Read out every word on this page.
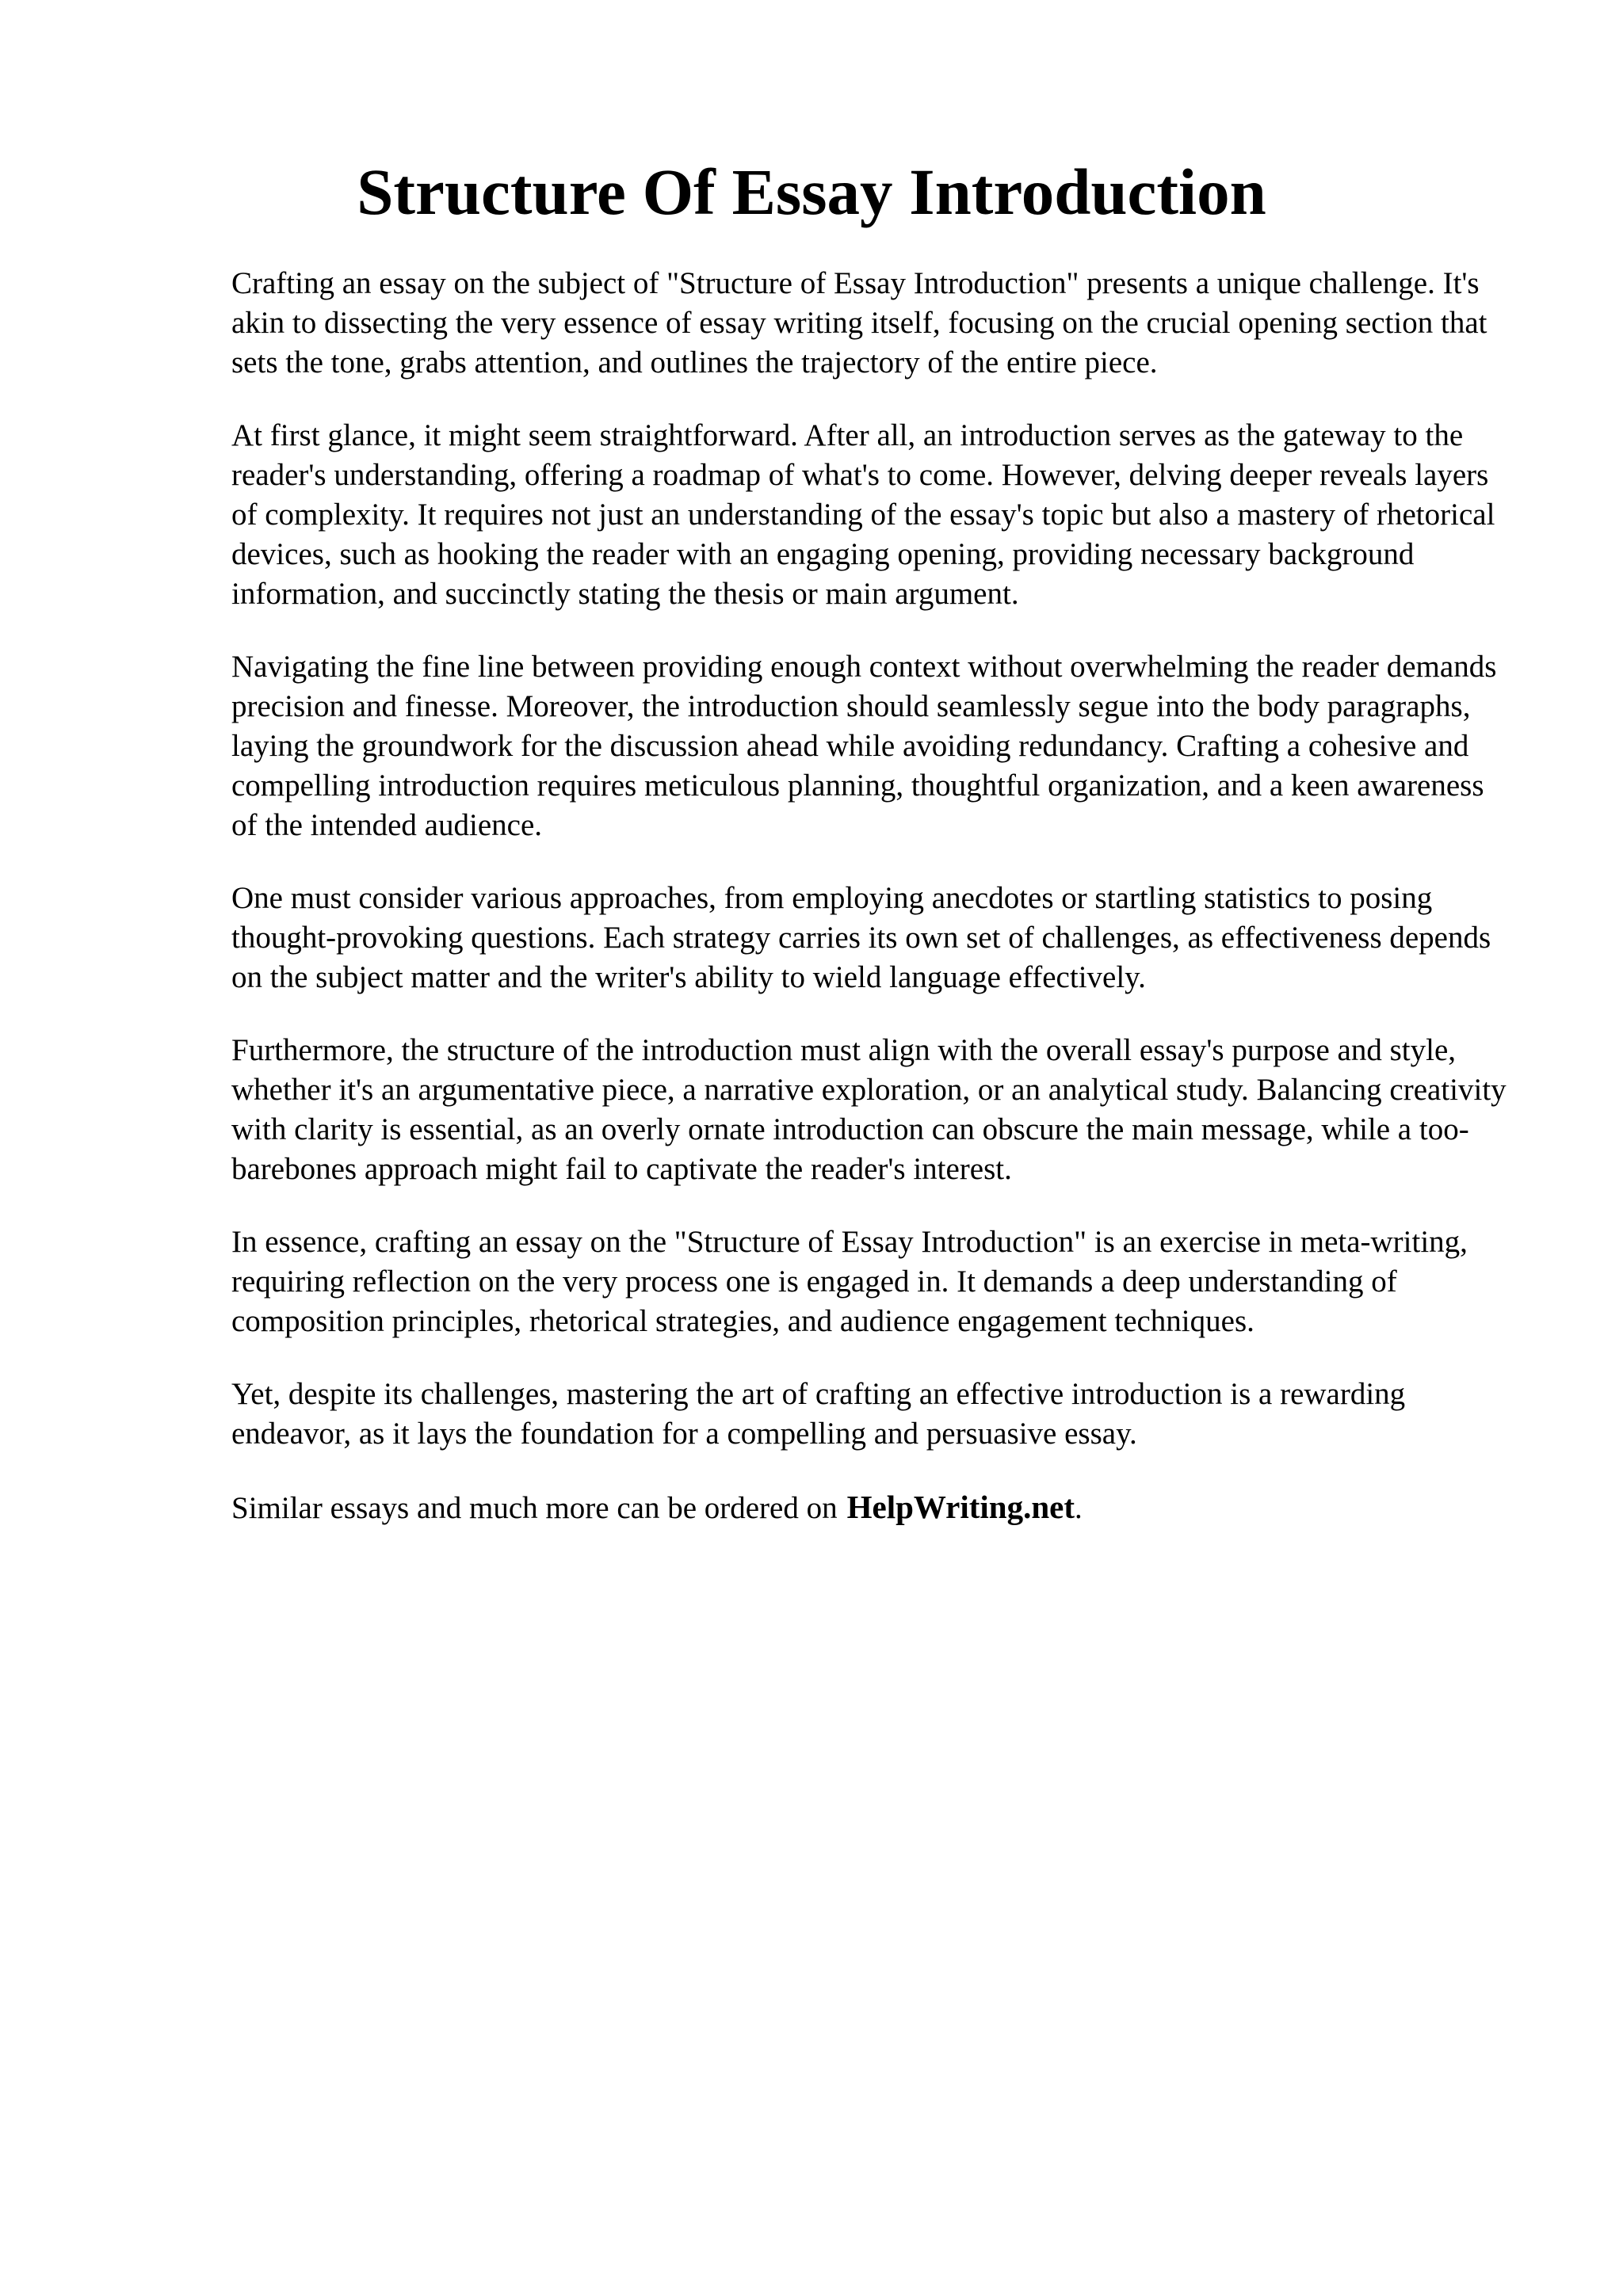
Structure Of Essay Introduction

Crafting an essay on the subject of "Structure of Essay Introduction" presents a unique challenge. It's akin to dissecting the very essence of essay writing itself, focusing on the crucial opening section that sets the tone, grabs attention, and outlines the trajectory of the entire piece.

At first glance, it might seem straightforward. After all, an introduction serves as the gateway to the reader's understanding, offering a roadmap of what's to come. However, delving deeper reveals layers of complexity. It requires not just an understanding of the essay's topic but also a mastery of rhetorical devices, such as hooking the reader with an engaging opening, providing necessary background information, and succinctly stating the thesis or main argument.

Navigating the fine line between providing enough context without overwhelming the reader demands precision and finesse. Moreover, the introduction should seamlessly segue into the body paragraphs, laying the groundwork for the discussion ahead while avoiding redundancy. Crafting a cohesive and compelling introduction requires meticulous planning, thoughtful organization, and a keen awareness of the intended audience.

One must consider various approaches, from employing anecdotes or startling statistics to posing thought-provoking questions. Each strategy carries its own set of challenges, as effectiveness depends on the subject matter and the writer's ability to wield language effectively.

Furthermore, the structure of the introduction must align with the overall essay's purpose and style, whether it's an argumentative piece, a narrative exploration, or an analytical study. Balancing creativity with clarity is essential, as an overly ornate introduction can obscure the main message, while a too-barebones approach might fail to captivate the reader's interest.

In essence, crafting an essay on the "Structure of Essay Introduction" is an exercise in meta-writing, requiring reflection on the very process one is engaged in. It demands a deep understanding of composition principles, rhetorical strategies, and audience engagement techniques.

Yet, despite its challenges, mastering the art of crafting an effective introduction is a rewarding endeavor, as it lays the foundation for a compelling and persuasive essay.

Similar essays and much more can be ordered on HelpWriting.net.
